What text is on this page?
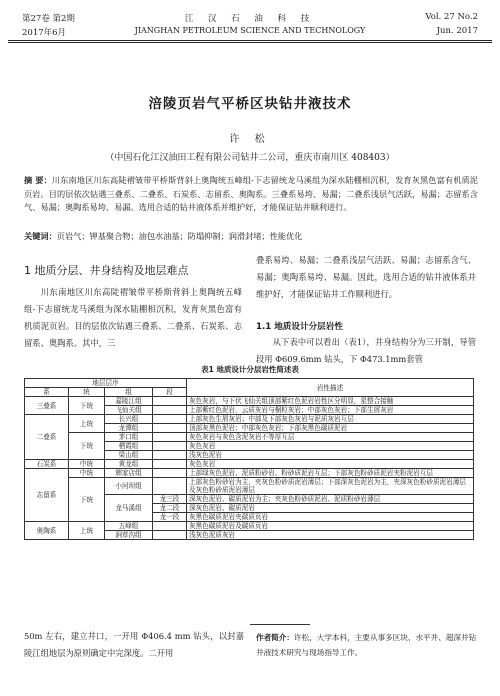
第27卷 第2期
2017年6月
江 汉 石 油 科 技
JIANGHAN PETROLEUM SCIENCE AND TECHNOLOGY
Vol. 27 No.2
Jun. 2017
涪陵页岩气平桥区块钻井液技术
许 松
（中国石化江汉油田工程有限公司钻井二公司，重庆市南川区 408403）
摘 要：川东南地区川东高陡褶皱带平桥斯背斜上奥陶统五峰组-下志留统龙马溪组为深水陆棚相沉积，发育灰黑色富有机质泥页岩。目的层依次钻遇三叠系、二叠系、石炭系、志留系、奥陶系。三叠系易垮、易漏；二叠系浅层气活跃，易漏；志留系含气、易漏；奥陶系易垮、易漏。选用合适的钻井液体系并维护好，才能保证钻井顺利进行。
关键词：页岩气；钾基聚合物；油包水油基；防塌抑制；润滑封堵；性能优化
1 地质分层、井身结构及地层难点
川东南地区川东高陡褶皱带平桥斯背斜上奥陶统五峰组-下志留统龙马溪组为深水陆棚相沉积，发育灰黑色富有机质泥页岩。目的层依次钻遇三叠系、二叠系、石炭系、志留系、奥陶系。其中，三
叠系易垮、易漏；二叠系浅层气活跃、易漏；志留系含气、易漏；奥陶系易垮、易漏。因此，选用合适的钻井液体系并维护好，才能保证钻井工作顺利进行。
1.1 地质设计分层岩性
从下表中可以看出（表1），井身结构分为三开制，导管段用 Φ609.6mm 钻头，下 Φ473.1mm套管
表1 地质设计分层岩性简述表
地层层序				岩性描述
系	统	组	段	
三叠系	下统	嘉陵江组		灰色灰岩，与下伏飞仙关组顶部紫红色泥岩岩性区分明显，星整合接触
		飞仙关组		上部紫红色泥岩，云质灰岩与榍粒灰岩；中部灰色灰岩；下部生屑灰岩
二叠系	上统	长兴组		上部灰色生屑灰岩；中部及下部灰色灰岩与泥质灰岩互层
		龙潭组		顶部灰黑色泥岩；中部灰色灰岩；下部灰黑色碳质泥岩
	下统	茅口组		灰色灰岩与灰色含泥灰岩不等厚互层
		栖霞组		灰色灰岩
		梁山组		浅灰色泥岩
石炭系	中统	黄龙组		灰色灰岩
志留系	中统	韩家店组		上部绿灰色泥岩、泥质粉砂岩、粉砂质泥岩互层；下部灰色粉砂质泥岩夹粉泥岩互层
	下统	小河坝组		上部灰色粉砂岩为主，夹灰色粉砂质泥岩薄层；下部深灰色泥岩为主，夹深灰色粉砂质泥岩薄层及灰色粉砂质泥岩薄层
		龙马溪组	龙三段	深灰色泥岩、碳质泥岩为主；夹灰色粉砂质泥岩、泥质粉砂岩薄层
			龙二段	深灰色泥岩、碳质泥岩
			龙一段	灰黑色碳质泥岩夹碳质页岩
奥陶系	上统	五峰组		灰黑色碳质泥岩及碳质页岩
		涧草沟组		浅灰色泥质灰岩
50m 左右，建立井口，一开用 Φ406.4 mm 钻头，以封嘉陵江组地层为原则确定中完深度。二开用
作者简介：许松，大学本科，主要从事多区块、水平井、超深井钻井液技术研究与现场指导工作。
